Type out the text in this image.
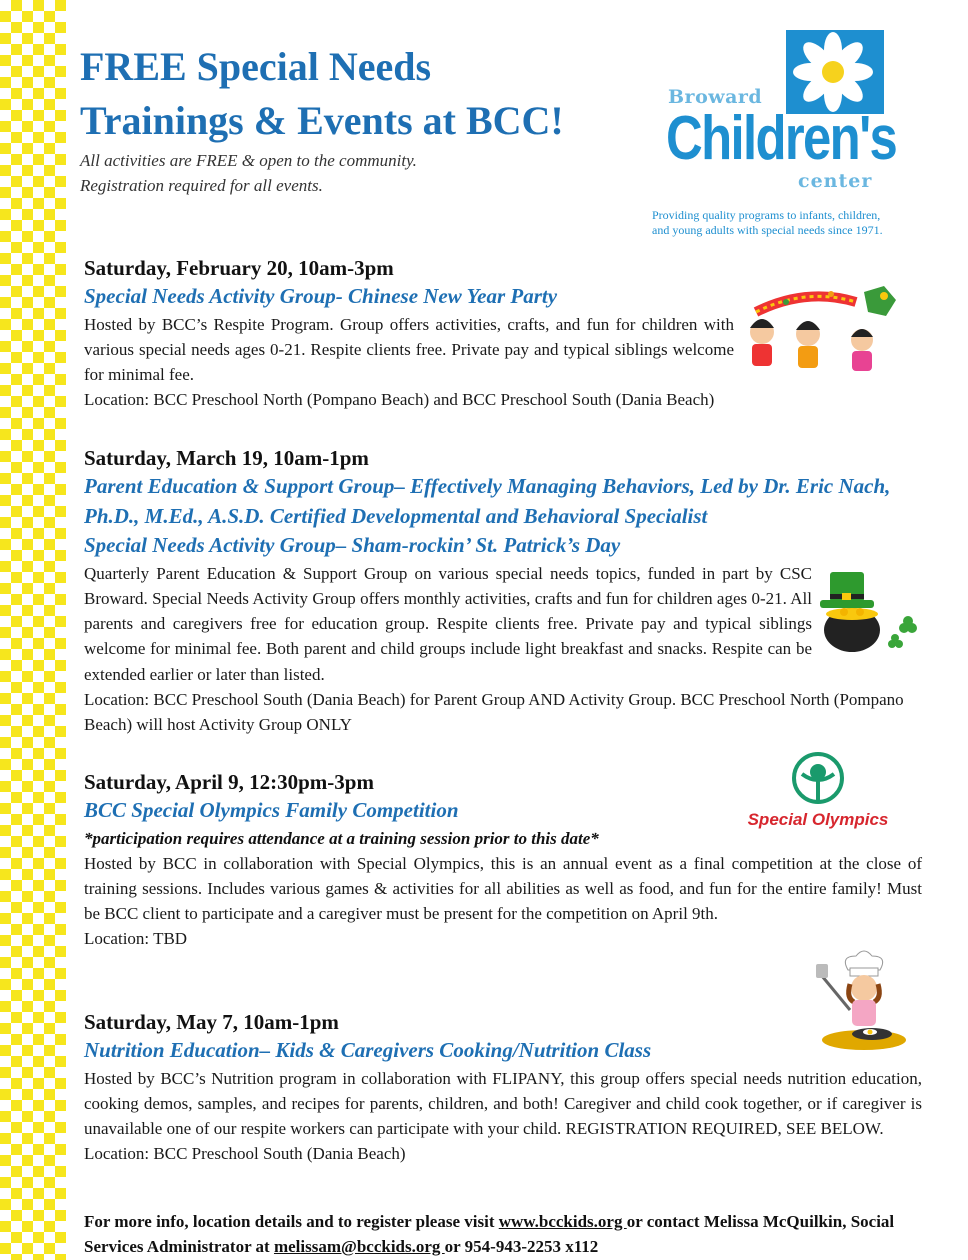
FREE Special Needs
Trainings & Events at BCC!
All activities are FREE & open to the community.
Registration required for all events.
Broward
Children's
center
Providing quality programs to infants, children,
and young adults with special needs since 1971.
Saturday, February 20, 10am-3pm
Special Needs Activity Group- Chinese New Year Party
Hosted by BCC’s Respite Program. Group offers activities, crafts, and fun for children with various special needs ages 0-21. Respite clients free. Private pay and typical siblings welcome for minimal fee.
Location: BCC Preschool North (Pompano Beach) and BCC Preschool South (Dania Beach)
Saturday, March 19, 10am-1pm
Parent Education & Support Group– Effectively Managing Behaviors, Led by Dr. Eric Nach, Ph.D., M.Ed., A.S.D. Certified Developmental and Behavioral Specialist
Special Needs Activity Group– Sham-rockin’ St. Patrick’s Day
Quarterly Parent Education & Support Group on various special needs topics, funded in part by CSC Broward. Special Needs Activity Group offers monthly activities, crafts and fun for children ages 0-21. All parents and caregivers free for education group. Respite clients free. Private pay and typical siblings welcome for minimal fee. Both parent and child groups include light breakfast and snacks. Respite can be extended earlier or later than listed.
Location: BCC Preschool South (Dania Beach) for Parent Group AND Activity Group. BCC Preschool North (Pompano Beach) will host Activity Group ONLY
Saturday, April 9, 12:30pm-3pm
BCC Special Olympics Family Competition
*participation requires attendance at a training session prior to this date*
Hosted by BCC in collaboration with Special Olympics, this is an annual event as a final competition at the close of training sessions. Includes various games & activities for all abilities as well as food, and fun for the entire family! Must be BCC client to participate and a caregiver must be present for the competition on April 9th.
Location: TBD
Special Olympics
Saturday, May 7, 10am-1pm
Nutrition Education– Kids & Caregivers Cooking/Nutrition Class
Hosted by BCC’s Nutrition program in collaboration with FLIPANY, this group offers special needs nutrition education, cooking demos, samples, and recipes for parents, children, and both! Caregiver and child cook together, or if caregiver is unavailable one of our respite workers can participate with your child. REGISTRATION REQUIRED, SEE BELOW.
Location: BCC Preschool South (Dania Beach)
For more info, location details and to register please visit www.bcckids.org or contact Melissa McQuilkin, Social Services Administrator at melissam@bcckids.org or 954-943-2253 x112
